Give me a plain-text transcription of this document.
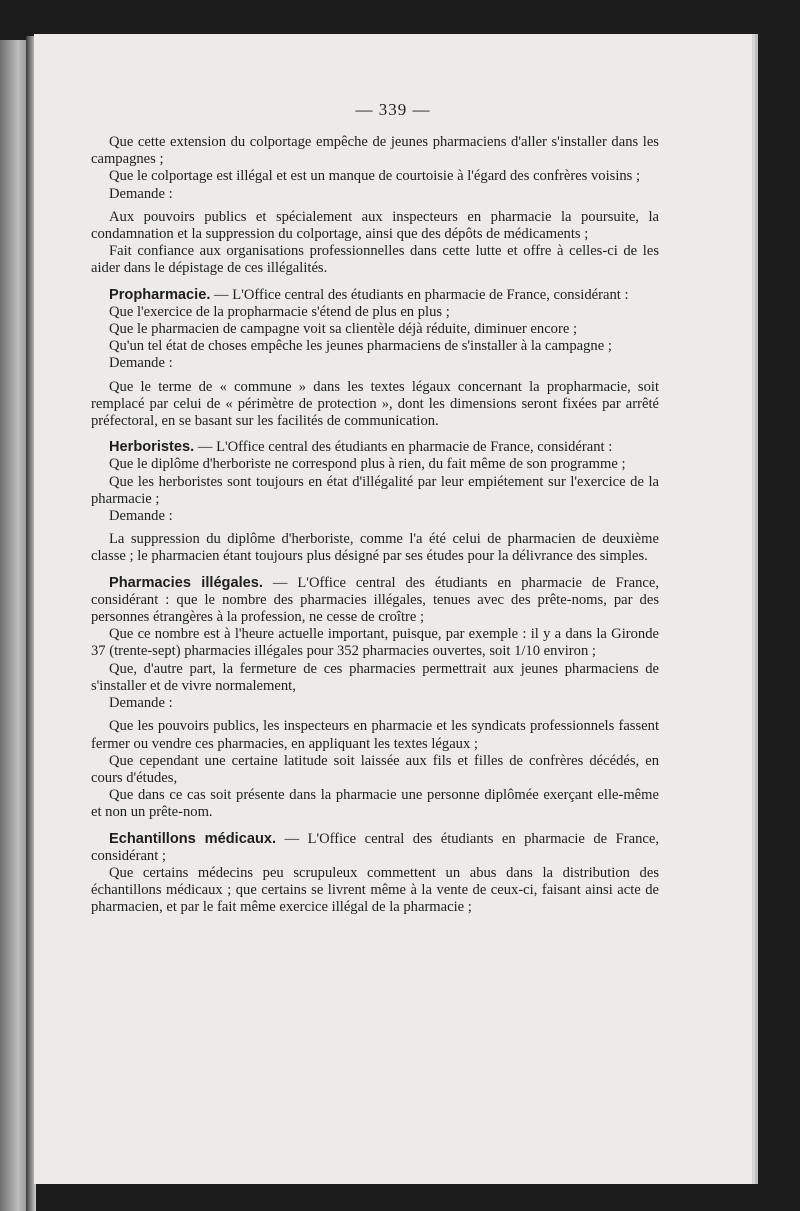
— 339 —

Que cette extension du colportage empêche de jeunes pharmaciens d'aller s'installer dans les campagnes ;

Que le colportage est illégal et est un manque de courtoisie à l'égard des confrères voisins ;

Demande :

Aux pouvoirs publics et spécialement aux inspecteurs en pharmacie la poursuite, la condamnation et la suppression du colportage, ainsi que des dépôts de médicaments ;

Fait confiance aux organisations professionnelles dans cette lutte et offre à celles-ci de les aider dans le dépistage de ces illégalités.

Propharmacie. — L'Office central des étudiants en pharmacie de France, considérant :

Que l'exercice de la propharmacie s'étend de plus en plus ;

Que le pharmacien de campagne voit sa clientèle déjà réduite, diminuer encore ;

Qu'un tel état de choses empêche les jeunes pharmaciens de s'installer à la campagne ;

Demande :

Que le terme de « commune » dans les textes légaux concernant la propharmacie, soit remplacé par celui de « périmètre de protection », dont les dimensions seront fixées par arrêté préfectoral, en se basant sur les facilités de communication.

Herboristes. — L'Office central des étudiants en pharmacie de France, considérant :

Que le diplôme d'herboriste ne correspond plus à rien, du fait même de son programme ;

Que les herboristes sont toujours en état d'illégalité par leur empiétement sur l'exercice de la pharmacie ;

Demande :

La suppression du diplôme d'herboriste, comme l'a été celui de pharmacien de deuxième classe ; le pharmacien étant toujours plus désigné par ses études pour la délivrance des simples.

Pharmacies illégales. — L'Office central des étudiants en pharmacie de France, considérant : que le nombre des pharmacies illégales, tenues avec des prête-noms, par des personnes étrangères à la profession, ne cesse de croître ;

Que ce nombre est à l'heure actuelle important, puisque, par exemple : il y a dans la Gironde 37 (trente-sept) pharmacies illégales pour 352 pharmacies ouvertes, soit 1/10 environ ;

Que, d'autre part, la fermeture de ces pharmacies permettrait aux jeunes pharmaciens de s'installer et de vivre normalement,

Demande :

Que les pouvoirs publics, les inspecteurs en pharmacie et les syndicats professionnels fassent fermer ou vendre ces pharmacies, en appliquant les textes légaux ;

Que cependant une certaine latitude soit laissée aux fils et filles de confrères décédés, en cours d'études,

Que dans ce cas soit présente dans la pharmacie une personne diplômée exerçant elle-même et non un prête-nom.

Echantillons médicaux. — L'Office central des étudiants en pharmacie de France, considérant ;

Que certains médecins peu scrupuleux commettent un abus dans la distribution des échantillons médicaux ; que certains se livrent même à la vente de ceux-ci, faisant ainsi acte de pharmacien, et par le fait même exercice illégal de la pharmacie ;
